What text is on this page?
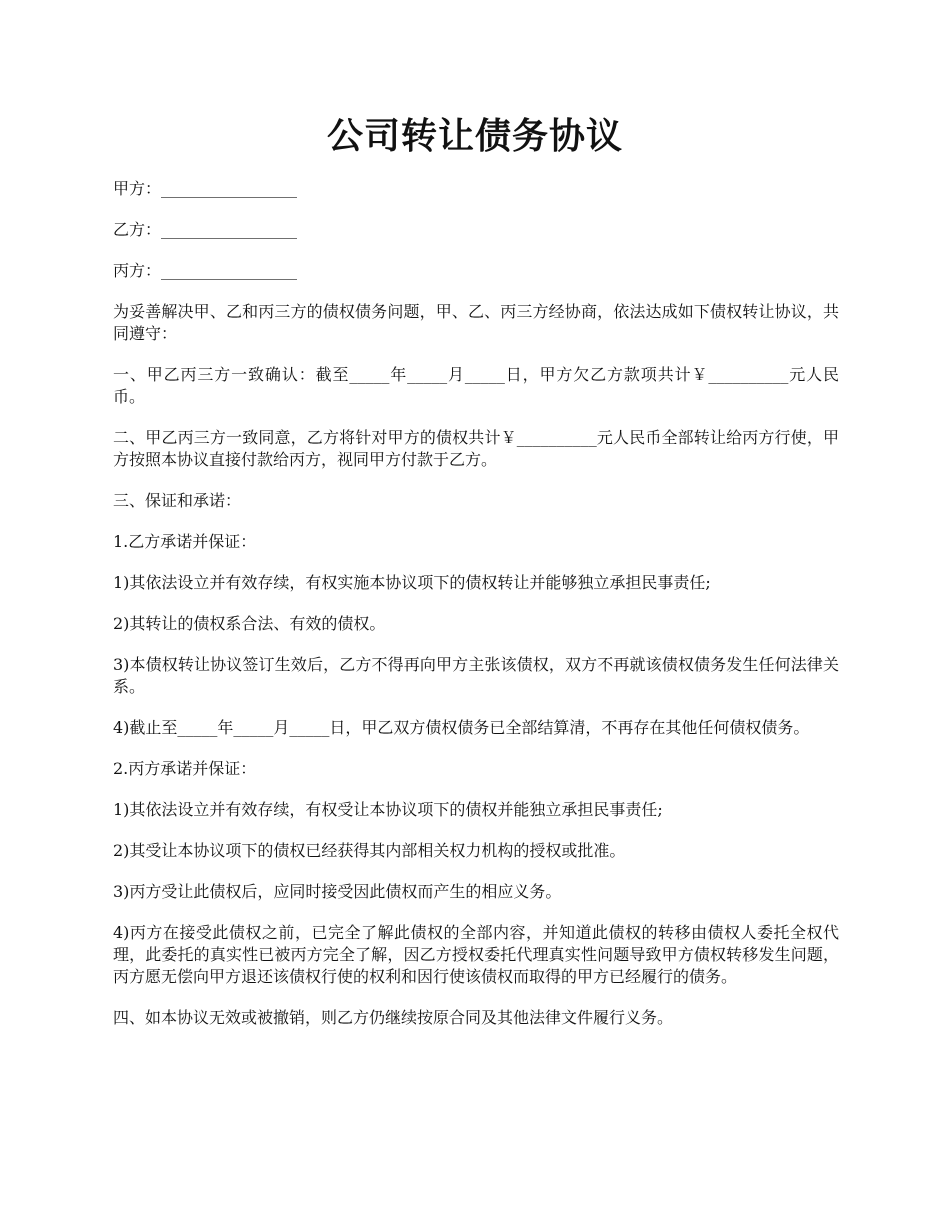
公司转让债务协议

甲方：_________________

乙方：_________________

丙方：_________________

为妥善解决甲、乙和丙三方的债权债务问题，甲、乙、丙三方经协商，依法达成如下债权转让协议，共同遵守：

一、甲乙丙三方一致确认：截至_____年_____月_____日，甲方欠乙方款项共计￥__________元人民币。

二、甲乙丙三方一致同意，乙方将针对甲方的债权共计￥__________元人民币全部转让给丙方行使，甲方按照本协议直接付款给丙方，视同甲方付款于乙方。

三、保证和承诺：

1.乙方承诺并保证：

1)其依法设立并有效存续，有权实施本协议项下的债权转让并能够独立承担民事责任;

2)其转让的债权系合法、有效的债权。

3)本债权转让协议签订生效后，乙方不得再向甲方主张该债权，双方不再就该债权债务发生任何法律关系。

4)截止至_____年_____月_____日，甲乙双方债权债务已全部结算清，不再存在其他任何债权债务。

2.丙方承诺并保证：

1)其依法设立并有效存续，有权受让本协议项下的债权并能独立承担民事责任;

2)其受让本协议项下的债权已经获得其内部相关权力机构的授权或批准。

3)丙方受让此债权后，应同时接受因此债权而产生的相应义务。

4)丙方在接受此债权之前，已完全了解此债权的全部内容，并知道此债权的转移由债权人委托全权代理，此委托的真实性已被丙方完全了解，因乙方授权委托代理真实性问题导致甲方债权转移发生问题，丙方愿无偿向甲方退还该债权行使的权利和因行使该债权而取得的甲方已经履行的债务。

四、如本协议无效或被撤销，则乙方仍继续按原合同及其他法律文件履行义务。
